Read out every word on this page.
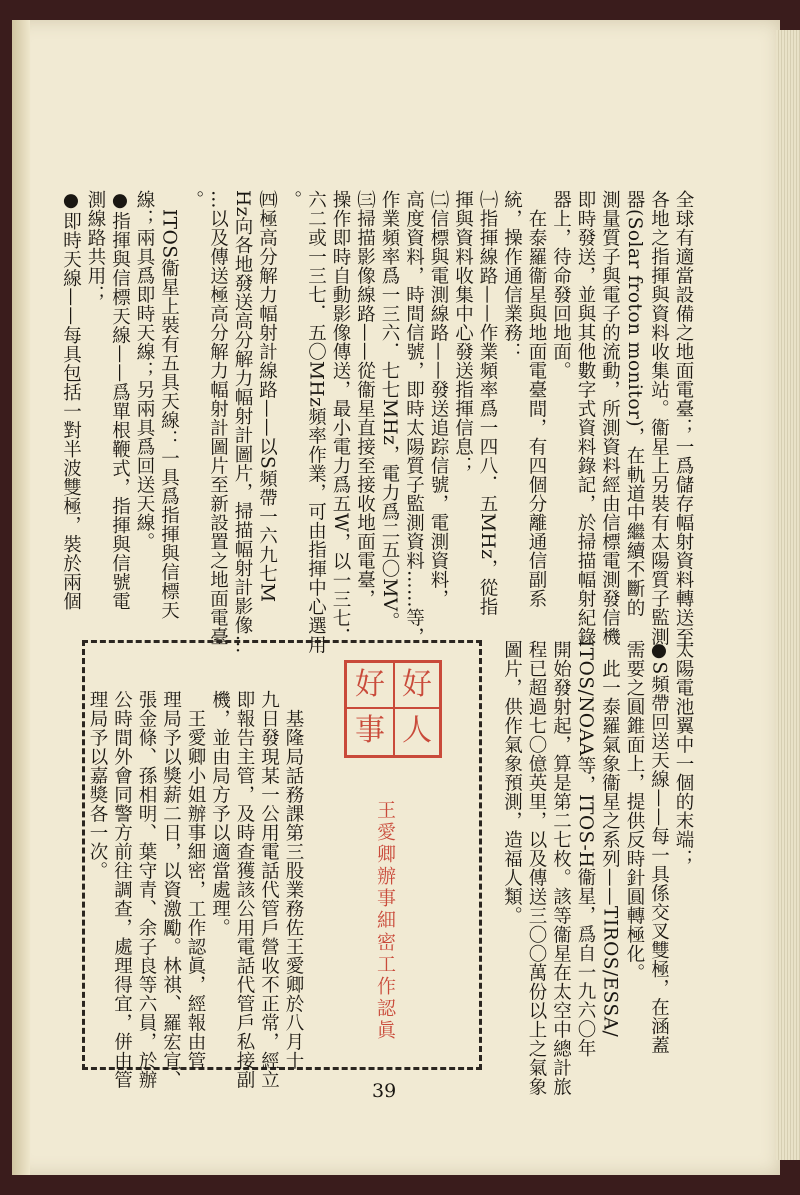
全球有適當設備之地面電臺；一爲儲存幅射資料轉送至
各地之指揮與資料收集站。衞星上另裝有太陽質子監測
器(Solar froton monitor)，在軌道中繼續不斷的
測量質子與電子的流動，所測資料經由信標電測發信機
即時發送，並與其他數字式資料錄記，於掃描幅射紀錄
器上，待命發回地面。
　在泰羅衞星與地面電臺間，有四個分離通信副系
統，操作通信業務：
㈠指揮線路——作業頻率爲一四八．五MHz，從指
揮與資料收集中心發送指揮信息；
㈡信標與電測線路——發送追踪信號，電測資料，
高度資料，時間信號，即時太陽質子監測資料……等，
作業頻率爲一三六．七七MHz，電力爲二五〇MV。
㈢掃描影像線路——從衞星直接至接收地面電臺，
操作即時自動影像傳送，最小電力爲五W，以一三七．
六二或一三七．五〇MHz頻率作業，可由指揮中心選用
。
㈣極高分解力幅射計線路——以S頻帶一六九七M
Hz向各地發送高分解力幅射計圖片，掃描幅射計影像…
…以及傳送極高分解力幅射計圖片至新設置之地面電臺
。
　ITOS衞星上裝有五具天線：一具爲指揮與信標天
線；兩具爲即時天線；另兩具爲回送天線。
●指揮與信標天線——爲單根鞭式，指揮與信號電
測線路共用；
●即時天線——每具包括一對半波雙極，裝於兩個
太陽電池翼中一個的末端；
●S頻帶回送天線——每一具係交叉雙極，在涵蓋
需要之圓錐面上，提供反時針圓轉極化。
　此一泰羅氣象衞星之系列——TIROS/ESSA/
ITOS/NOAA等，ITOS-H衞星，爲自一九六〇年
開始發射起，算是第二七枚。該等衞星在太空中總計旅
程已超過七〇億英里，以及傳送三〇〇萬份以上之氣象
圖片，供作氣象預測，造福人類。
好
人
好
事
王愛卿辦事細密工作認眞
　基隆局話務課第三股業務佐王愛卿於八月十
九日發現某一公用電話代管戶營收不正常，經立
即報告主管，及時查獲該公用電話代管戶私接副
機，並由局方予以適當處理。
　王愛卿小姐辦事細密，工作認眞，經報由管
理局予以獎薪二日，以資激勵。林祺、羅宏宣、
張金條、孫相明、葉守青、余子良等六員，於辦
公時間外會同警方前往調查，處理得宜，併由管
理局予以嘉獎各一次。
39
